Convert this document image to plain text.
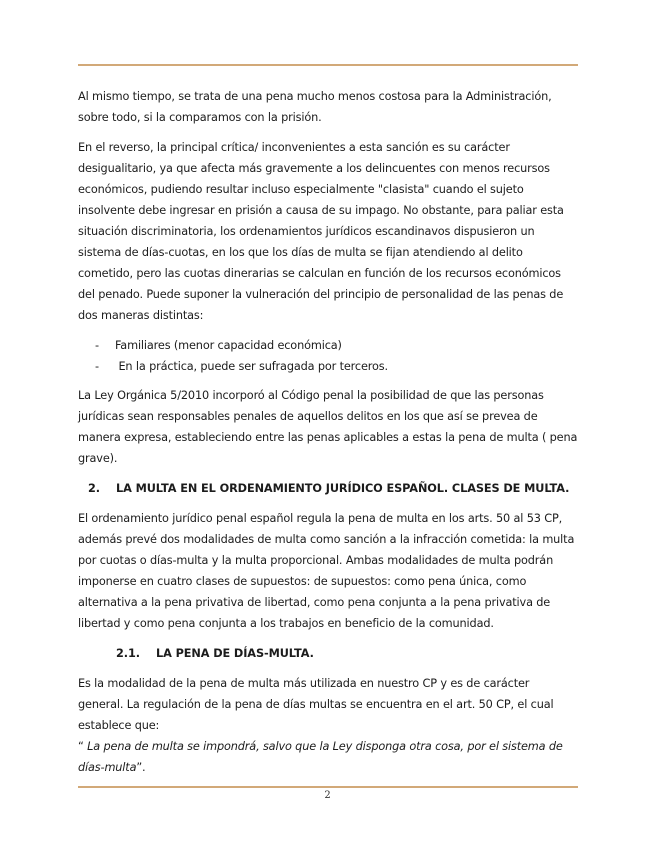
Al mismo tiempo, se trata de una pena mucho menos costosa para la Administración, sobre todo, si la comparamos con la prisión.

En el reverso, la principal crítica/ inconvenientes a esta sanción es su carácter desigualitario, ya que afecta más gravemente a los delincuentes con menos recursos económicos, pudiendo resultar incluso especialmente "clasista" cuando el sujeto insolvente debe ingresar en prisión a causa de su impago. No obstante, para paliar esta situación discriminatoria, los ordenamientos jurídicos escandinavos dispusieron un sistema de días-cuotas, en los que los días de multa se fijan atendiendo al delito cometido, pero las cuotas dinerarias se calculan en función de los recursos económicos del penado. Puede suponer la vulneración del principio de personalidad de las penas de dos maneras distintas:

- Familiares (menor capacidad económica)
- En la práctica, puede ser sufragada por terceros.

La Ley Orgánica 5/2010 incorporó al Código penal la posibilidad de que las personas jurídicas sean responsables penales de aquellos delitos en los que así se prevea de manera expresa, estableciendo entre las penas aplicables a estas la pena de multa ( pena grave).

2. LA MULTA EN EL ORDENAMIENTO JURÍDICO ESPAÑOL. CLASES DE MULTA.

El ordenamiento jurídico penal español regula la pena de multa en los arts. 50 al 53 CP, además prevé dos modalidades de multa como sanción a la infracción cometida: la multa por cuotas o días-multa y la multa proporcional. Ambas modalidades de multa podrán imponerse en cuatro clases de supuestos: de supuestos: como pena única, como alternativa a la pena privativa de libertad, como pena conjunta a la pena privativa de libertad y como pena conjunta a los trabajos en beneficio de la comunidad.

2.1. LA PENA DE DÍAS-MULTA.

Es la modalidad de la pena de multa más utilizada en nuestro CP y es de carácter general. La regulación de la pena de días multas se encuentra en el art. 50 CP, el cual establece que:
“ La pena de multa se impondrá, salvo que la Ley disponga otra cosa, por el sistema de días-multa”.

2
